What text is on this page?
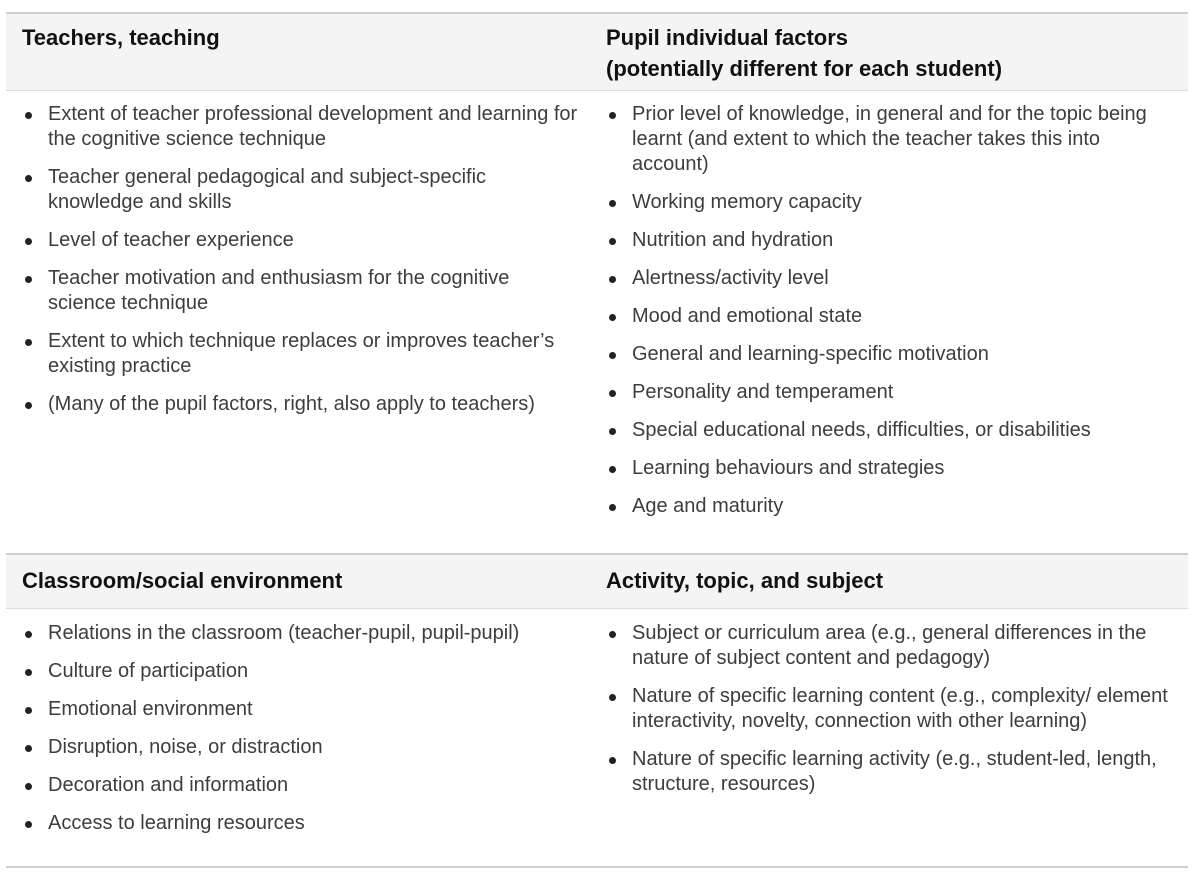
Teachers, teaching
Extent of teacher professional development and learning for the cognitive science technique
Teacher general pedagogical and subject-specific knowledge and skills
Level of teacher experience
Teacher motivation and enthusiasm for the cognitive science technique
Extent to which technique replaces or improves teacher’s existing practice
(Many of the pupil factors, right, also apply to teachers)
Pupil individual factors
(potentially different for each student)
Prior level of knowledge, in general and for the topic being learnt (and extent to which the teacher takes this into account)
Working memory capacity
Nutrition and hydration
Alertness/activity level
Mood and emotional state
General and learning-specific motivation
Personality and temperament
Special educational needs, difficulties, or disabilities
Learning behaviours and strategies
Age and maturity
Classroom/social environment
Relations in the classroom (teacher-pupil, pupil-pupil)
Culture of participation
Emotional environment
Disruption, noise, or distraction
Decoration and information
Access to learning resources
Activity, topic, and subject
Subject or curriculum area (e.g., general differences in the nature of subject content and pedagogy)
Nature of specific learning content (e.g., complexity/ element interactivity, novelty, connection with other learning)
Nature of specific learning activity (e.g., student-led, length, structure, resources)
